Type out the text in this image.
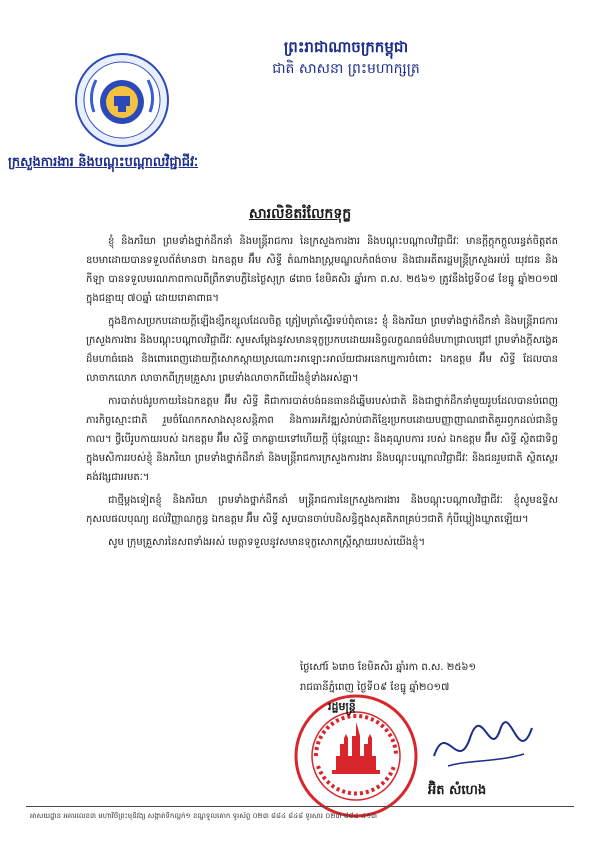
ក្រសួងការងារ និងបណ្តុះបណ្តាលវិជ្ជាជីវៈ
ព្រះរាជាណាចក្រកម្ពុជា
ជាតិ សាសនា ព្រះមហាក្សត្រ
សារលិខិតរំលែកទុក្ខ

ខ្ញុំ និងភរិយា ព្រមទាំងថ្នាក់ដឹកនាំ និងមន្ត្រីរាជការ នៃក្រសួងការងារ និងបណ្តុះបណ្តាលវិជ្ជាជីវៈ មានក្តីក្តុកក្តួលរន្ធត់ចិត្តឥតឧបមាដោយបានទទួលព័ត៌មានថា ឯកឧត្តម អ៊ឹម សិទ្ធី តំណាងរាស្ត្រមណ្ឌលកំពង់ចាម និងជាអតីតរដ្ឋមន្ត្រីក្រសួងអប់រំ យុវជន និងកីឡា បានទទួលមរណភាពកាលពីព្រឹកទាបភ្លឺនៃថ្ងៃសុក្រ ៨រោច ខែមិគសិរ ឆ្នាំរកា ព.ស. ២៥៦១ ត្រូវនឹងថ្ងៃទី០៨ ខែធ្នូ ឆ្នាំ២០១៧ ក្នុងជន្មាយុ ៧០ឆ្នាំ ដោយរោគាពាធ។

ក្នុងឱកាសប្រកបដោយក្តីឡើងខ្សឹកខ្សួលដែលចិត្ត ត្រៀមត្រាំស្ទើរទប់ពុំតានេះ ខ្ញុំ និងភរិយា ព្រមទាំងថ្នាក់ដឹកនាំ និងមន្ត្រីរាជការក្រសួងការងារ និងបណ្តុះបណ្តាលវិជ្ជាជីវៈ សូមសម្តែងនូវសមានទុក្ខប្រកបដោយអនិច្ចលក្ខណធម៌ដ៏មហាជ្រាលជ្រៅ ព្រមទាំងក្តីសង្វេគដ៏មហាធំធេង និងពោរពេញដោយក្តីសោកស្តាយស្រណោះអាឡោះអាល័យជាអនេកប្បការចំពោះ ឯកឧត្តម អ៊ឹម សិទ្ធី ដែលបានលាចាកលោក លាចាកពីក្រុមគ្រួសារ ព្រមទាំងលាចាកពីយើងខ្ញុំទាំងអស់គ្នា។

ការបាត់បង់រូបកាយនៃឯកឧត្តម អ៊ឹម សិទ្ធី គឺជាការបាត់បង់ធនធានដ៏ឆ្នើមរបស់ជាតិ និងជាថ្នាក់ដឹកនាំមួយរូបដែលបានបំពេញភារកិច្ចស្មោះជាតិ រួមចំណែកកសាងសុខសន្តិភាព និងការអភិវឌ្ឍសំរាប់ជាតិខ្មែរប្រកបដោយបញ្ញាញាណ​ជាតិគួររឭកដល់ជានិច្ចកាល។ ថ្វីបើរូបកាយរបស់ ឯកឧត្តម អ៊ឹម សិទ្ធី ចាកឆ្ងាយទៅហើយក្តី ប៉ុន្តែឈ្មោះ និងគុណូបការ របស់ ឯកឧត្តម អ៊ឹម សិទ្ធី ស្ថិតជាទិព្វក្នុងមសិការរបស់ខ្ញុំ និងភរិយា ព្រមទាំងថ្នាក់ដឹកនាំ និងមន្ត្រីរាជការក្រសួងការងារ និងបណ្តុះបណ្តាលវិជ្ជាជីវៈ និងជនរួមជាតិ ស្ថិតស្ថេរគង់វង្សជាអមតៈ។

ជាថ្មីម្តងទៀតខ្ញុំ និងភរិយា ព្រមទាំងថ្នាក់ដឹកនាំ មន្ត្រីរាជការនៃក្រសួងការងារ និងបណ្តុះបណ្តាលវិជ្ជាជីវៈ ខ្ញុំសូមឧទ្ទិសកុសលផលបុណ្យ ដល់វិញ្ញាណក្ខន្ធ ឯកឧត្តម អ៊ឹម សិទ្ធី សូមបានចាប់បដិសន្ធិក្នុងសុគតិភពគ្រប់ៗជាតិ កុំបីឃ្លៀងឃ្លាតឡើយ។

សូម ក្រុមគ្រួសារនៃសពទាំងអស់ មេត្តាទទួលនូវសមានទុក្ខសោកស្ត្រីស្ដាយរបស់យើងខ្ញុំ។

ថ្ងៃសៅរ៍ ៦រោច ខែមិគសិរ ឆ្នាំរកា ព.ស. ២៥៦១
រាជធានីភ្នំពេញ ថ្ងៃទី០៩ ខែធ្នូ ឆ្នាំ២០១៧
រដ្ឋមន្ត្រី
អ៊ិត សំហេង
អាសយដ្ឋាន អគារលេខ៣ មហាវិថីព្រះមុនីវង្ស សង្កាត់ទឹកល្អក់១ ខណ្ឌទួលគោក ទូរស័ព្ទ ០២៣ ៨៨៤ ៨៤៨ ទូរសារ ០២៣ ៨៨៤ ៤១៣
